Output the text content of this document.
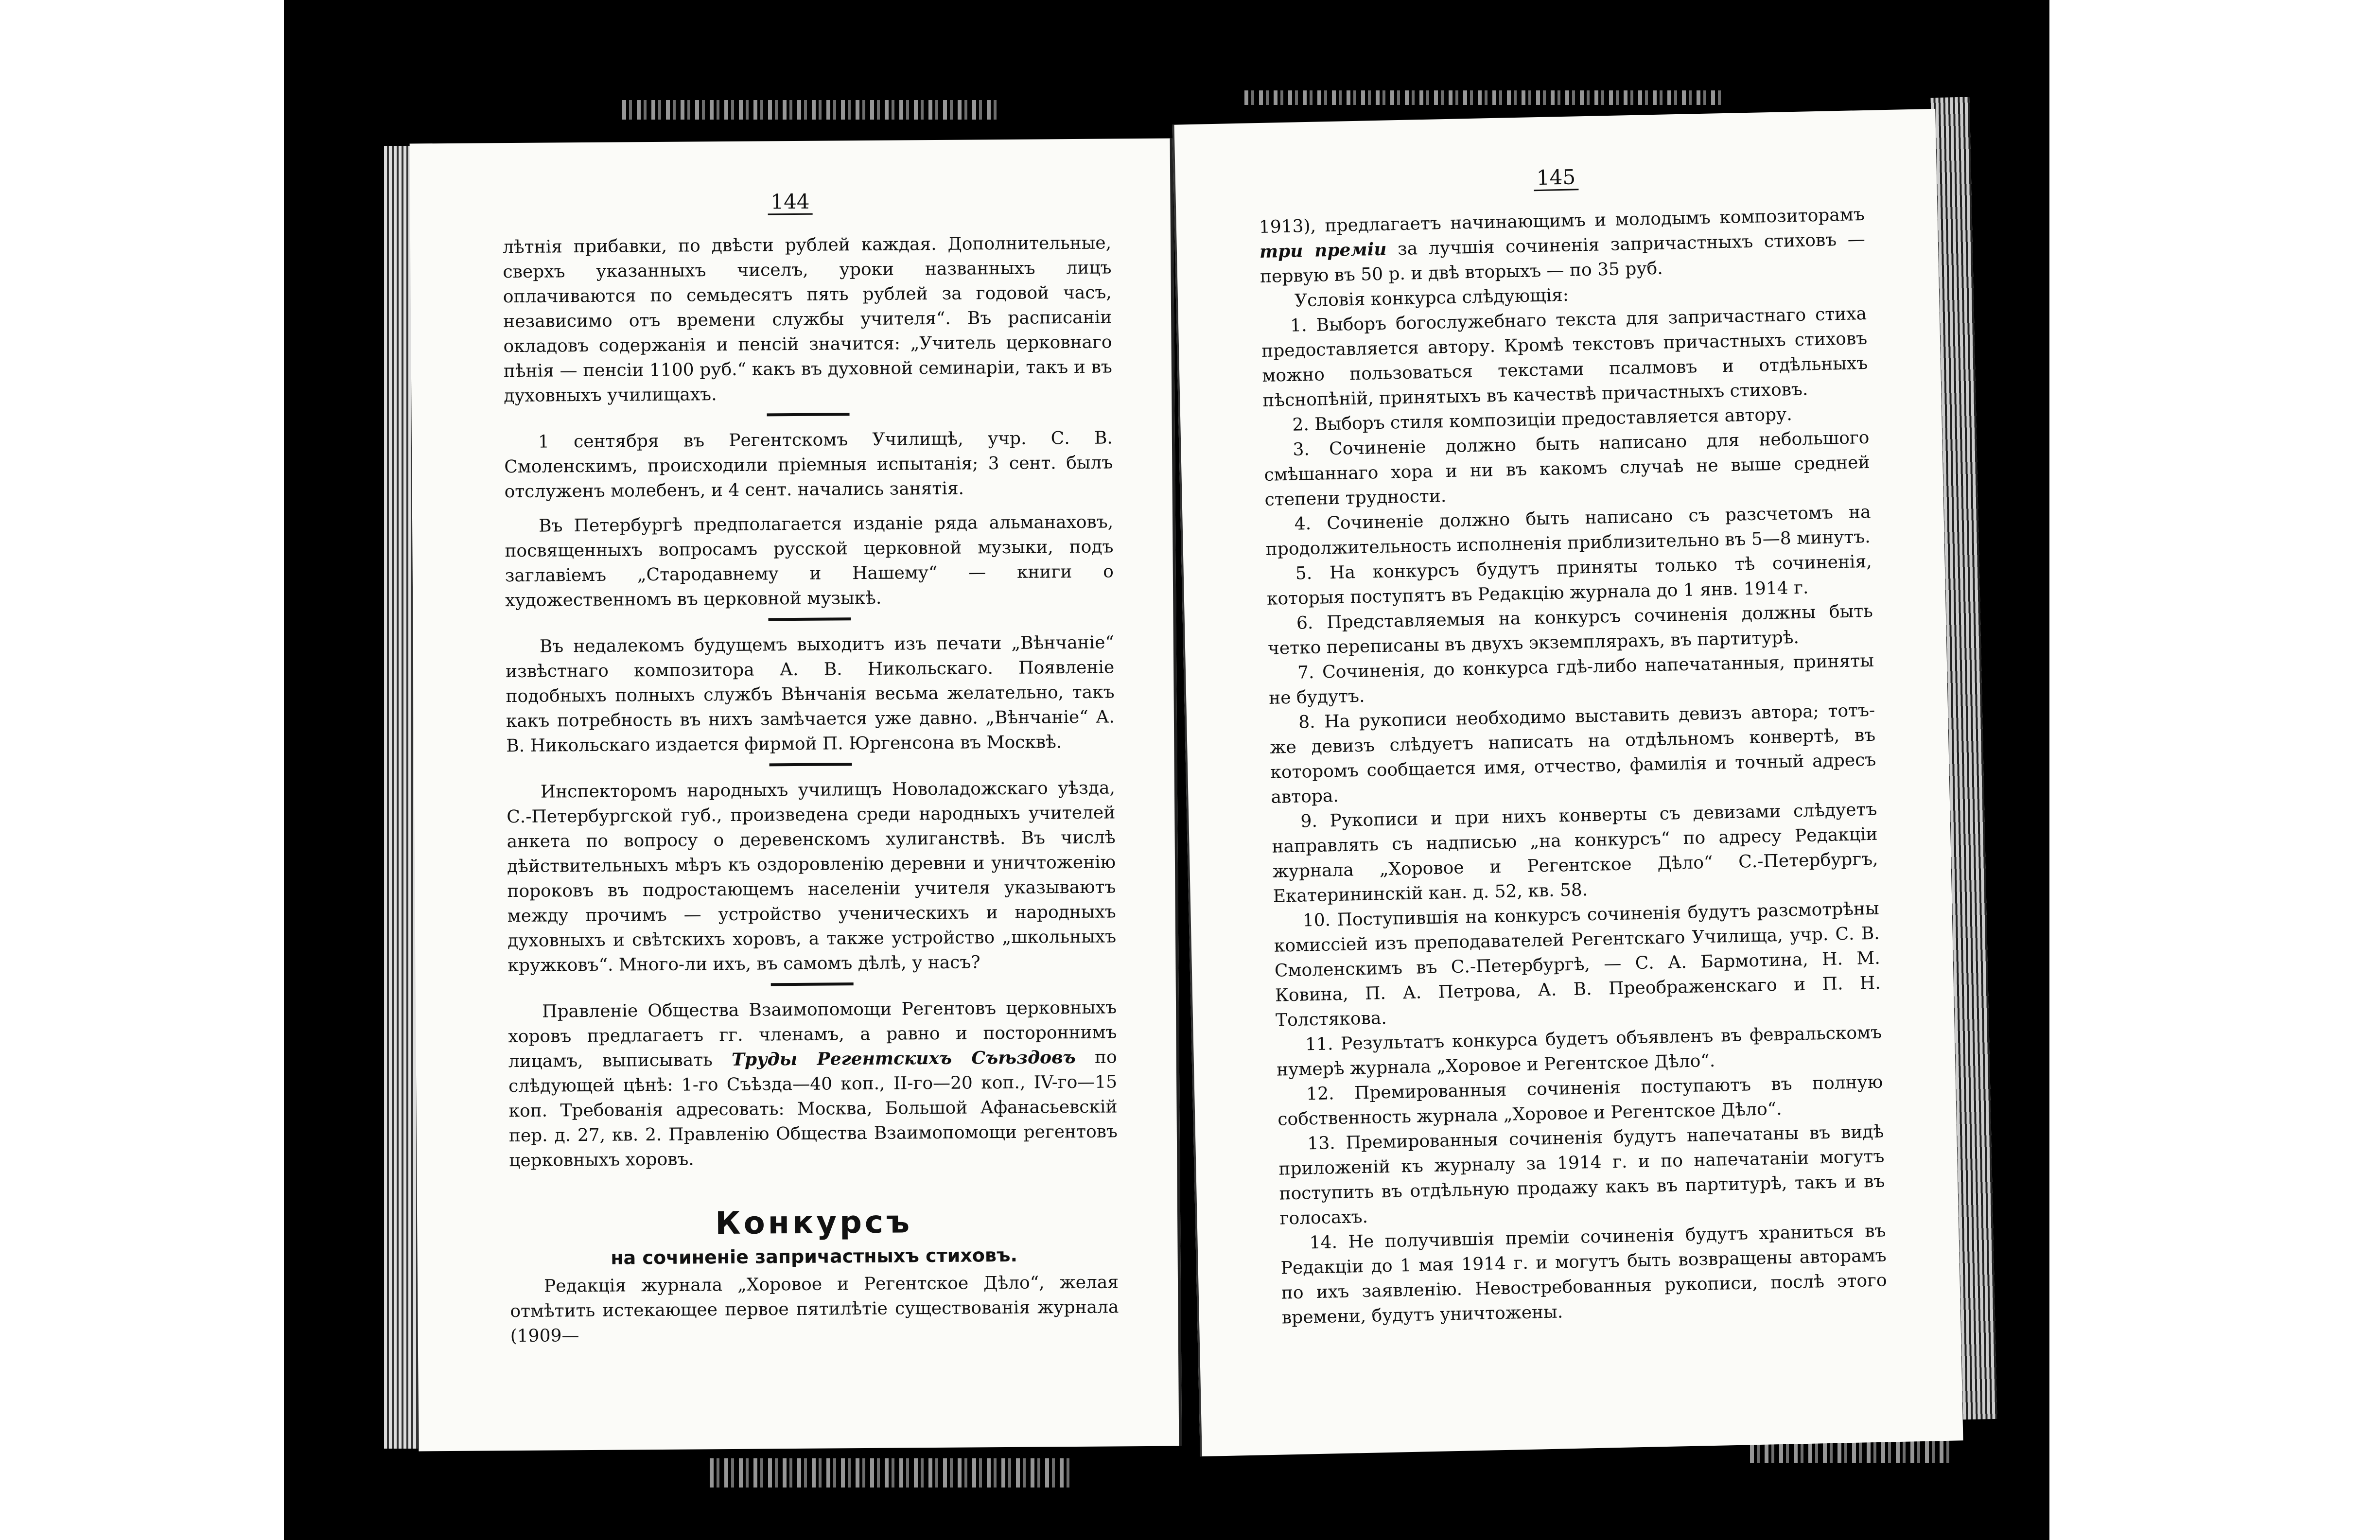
144

лѣтнія прибавки, по двѣсти рублей каждая. Дополнительные, сверхъ указанныхъ чиселъ, уроки названныхъ лицъ оплачиваются по семьдесятъ пять рублей за годовой часъ, независимо отъ времени службы учителя“. Въ расписаніи окладовъ содержанія и пенсій значится: „Учитель церковнаго пѣнія — пенсіи 1100 руб.“ какъ въ духовной семинаріи, такъ и въ духовныхъ училищахъ.

1 сентября въ Регентскомъ Училищѣ, учр. С. В. Смоленскимъ, происходили пріемныя испытанія; 3 сент. былъ отслуженъ молебенъ, и 4 сент. начались занятія.

Въ Петербургѣ предполагается изданіе ряда альманаховъ, посвященныхъ вопросамъ русской церковной музыки, подъ заглавіемъ „Стародавнему и Нашему“ — книги о художественномъ въ церковной музыкѣ.

Въ недалекомъ будущемъ выходитъ изъ печати „Вѣнчаніе“ извѣстнаго композитора А. В. Никольскаго. Появленіе подобныхъ полныхъ службъ Вѣнчанія весьма желательно, такъ какъ потребность въ нихъ замѣчается уже давно. „Вѣнчаніе“ А. В. Никольскаго издается фирмой П. Юргенсона въ Москвѣ.

Инспекторомъ народныхъ училищъ Новоладожскаго уѣзда, С.-Петербургской губ., произведена среди народныхъ учителей анкета по вопросу о деревенскомъ хулиганствѣ. Въ числѣ дѣйствительныхъ мѣръ къ оздоровленію деревни и уничтоженію пороковъ въ подростающемъ населеніи учителя указываютъ между прочимъ — устройство ученическихъ и народныхъ духовныхъ и свѣтскихъ хоровъ, а также устройство „школьныхъ кружковъ“. Много-ли ихъ, въ самомъ дѣлѣ, у насъ?

Правленіе Общества Взаимопомощи Регентовъ церковныхъ хоровъ предлагаетъ гг. членамъ, а равно и постороннимъ лицамъ, выписывать Труды Регентскихъ Съѣздовъ по слѣдующей цѣнѣ: 1-го Съѣзда—40 коп., II-го—20 коп., IV-го—15 коп. Требованія адресовать: Москва, Большой Афанасьевскій пер. д. 27, кв. 2. Правленію Общества Взаимопомощи регентовъ церковныхъ хоровъ.

Конкурсъ
на сочиненіе запричастныхъ стиховъ.

Редакція журнала „Хоровое и Регентское Дѣло“, желая отмѣтить истекающее первое пятилѣтіе существованія журнала (1909—

145

1913), предлагаетъ начинающимъ и молодымъ композиторамъ три преміи за лучшія сочиненія запричастныхъ стиховъ — первую въ 50 р. и двѣ вторыхъ — по 35 руб.

Условія конкурса слѣдующія:

1. Выборъ богослужебнаго текста для запричастнаго стиха предоставляется автору. Кромѣ текстовъ причастныхъ стиховъ можно пользоваться текстами псалмовъ и отдѣльныхъ пѣснопѣній, принятыхъ въ качествѣ причастныхъ стиховъ.

2. Выборъ стиля композиціи предоставляется автору.

3. Сочиненіе должно быть написано для небольшого смѣшаннаго хора и ни въ какомъ случаѣ не выше средней степени трудности.

4. Сочиненіе должно быть написано съ разсчетомъ на продолжительность исполненія приблизительно въ 5—8 минутъ.

5. На конкурсъ будутъ приняты только тѣ сочиненія, которыя поступятъ въ Редакцію журнала до 1 янв. 1914 г.

6. Представляемыя на конкурсъ сочиненія должны быть четко переписаны въ двухъ экземплярахъ, въ партитурѣ.

7. Сочиненія, до конкурса гдѣ-либо напечатанныя, приняты не будутъ.

8. На рукописи необходимо выставить девизъ автора; тотъ-же девизъ слѣдуетъ написать на отдѣльномъ конвертѣ, въ которомъ сообщается имя, отчество, фамилія и точный адресъ автора.

9. Рукописи и при нихъ конверты съ девизами слѣдуетъ направлять съ надписью „на конкурсъ“ по адресу Редакціи журнала „Хоровое и Регентское Дѣло“ С.-Петербургъ, Екатерининскій кан. д. 52, кв. 58.

10. Поступившія на конкурсъ сочиненія будутъ разсмотрѣны комиссіей изъ преподавателей Регентскаго Училища, учр. С. В. Смоленскимъ въ С.-Петербургѣ, — С. А. Бармотина, Н. М. Ковина, П. А. Петрова, А. В. Преображенскаго и П. Н. Толстякова.

11. Результатъ конкурса будетъ объявленъ въ февральскомъ нумерѣ журнала „Хоровое и Регентское Дѣло“.

12. Премированныя сочиненія поступаютъ въ полную собственность журнала „Хоровое и Регентское Дѣло“.

13. Премированныя сочиненія будутъ напечатаны въ видѣ приложеній къ журналу за 1914 г. и по напечатаніи могутъ поступить въ отдѣльную продажу какъ въ партитурѣ, такъ и въ голосахъ.

14. Не получившія преміи сочиненія будутъ храниться въ Редакціи до 1 мая 1914 г. и могутъ быть возвращены авторамъ по ихъ заявленію. Невостребованныя рукописи, послѣ этого времени, будутъ уничтожены.
